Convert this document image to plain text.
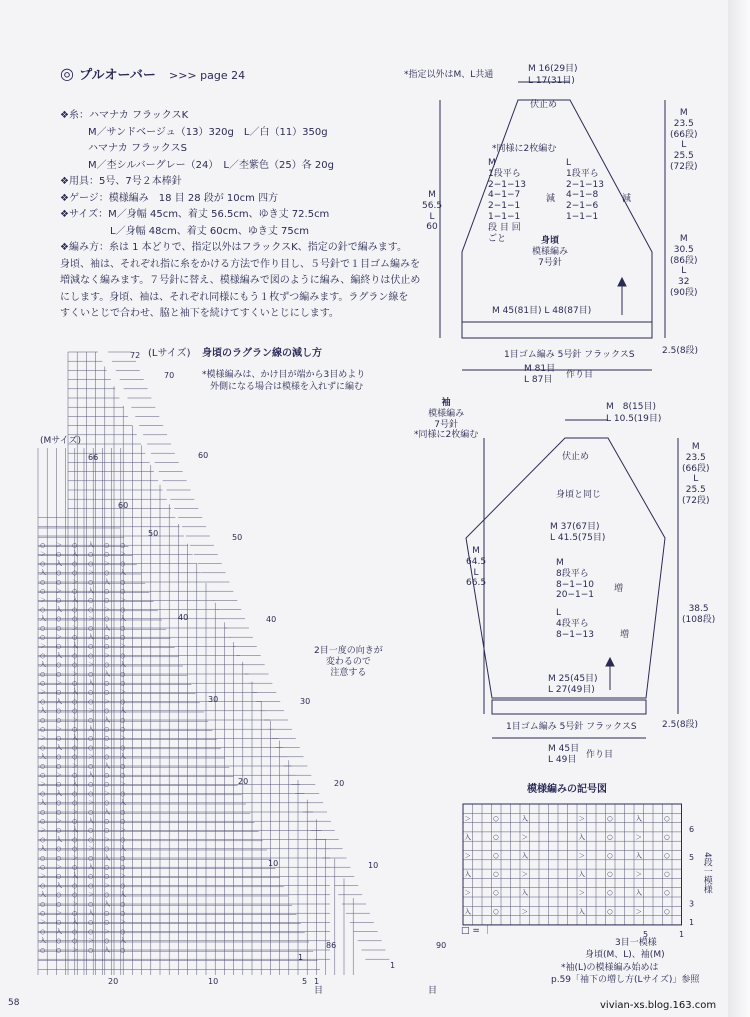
◎ プルオーバー >>> page 24
❖糸：ハマナカ フラックスK
M／サンドベージュ（13）320g　L／白（11）350g
ハマナカ フラックスS
M／杢シルバーグレー（24）　L／杢紫色（25）各 20g
❖用具：5号、7号２本棒針
❖ゲージ：模様編み　18 目 28 段が 10cm 四方
❖サイズ：M／身幅 45cm、着丈 56.5cm、ゆき丈 72.5cm
L／身幅 48cm、着丈 60cm、ゆき丈 75cm
❖編み方：糸は 1 本どりで、指定以外はフラックスK、指定の針で編みます。
身頃、袖は、それぞれ指に糸をかける方法で作り目し、５号針で１目ゴム編みを
増減なく編みます。７号針に替え、模様編みで図のように編み、編終りは伏止め
にします。身頃、袖は、それぞれ同様にもう１枚ずつ編みます。ラグラン線を
すくいとじで合わせ、脇と袖下を続けてすくいとじにします。
*指定以外はM、L共通
M 16(29目)
L 17(31目)
伏止め
M
1段平ら
2−1−13
4−1−7
2−1−1
1−1−1
段 目 回
ごと
減
L
1段平ら
2−1−13
4−1−8
2−1−6
1−1−1
減
身頃
模様編み
7号針
*同様に2枚編む
M
56.5
L
60
M
23.5
(66段)
L
25.5
(72段)
M
30.5
(86段)
L
32
(90段)
M 45(81目) L 48(87目)
1目ゴム編み 5号針 フラックスS	2.5(8段)
M 81目
L 87目	作り目
袖
模様編み
7号針
*同様に2枚編む
M　8(15目)
L 10.5(19目)
伏止め
身頃と同じ
M 37(67目)
L 41.5(75目)
M
8段平ら
8−1−10
20−1−1
増
L
4段平ら
8−1−13	増
M
64.5
L
66.5
M
23.5
(66段)
L
25.5
(72段)
38.5
(108段)
M 25(45目)
L 27(49目)
1目ゴム編み 5号針 フラックスS	2.5(8段)
M 45目
L 49目	作り目
○ ＞ ○ 入 ○ ○
＞ ○ 入 ○ ○ ＞
○ 入 ○ ○ ＞ ○
入 ○ ○ ＞ ○ 入
○ ○ ＞ ○ 入 ○
○ ＞ ○ 入 ○ ○
＞ ○ 入 ○ ○ ＞
○ 入 ○ ○ ＞ ○
入 ○ ○ ＞ ○ 入
○ ○ ＞ ○ 入 ○
○ ＞ ○ 入 ○ ○
＞ ○ 入 ○ ○ ＞
○ 入 ○ ○ ＞ ○
入 ○ ○ ＞ ○ 入
○ ○ ＞ ○ 入 ○
○ ＞ ○ 入 ○ ○
＞ ○ 入 ○ ○ ＞
○ 入 ○ ○ ＞ ○
入 ○ ○ ＞ ○ 入
○ ○ ＞ ○ 入 ○
○ ＞ ○ 入 ○ ○
＞ ○ 入 ○ ○ ＞
○ 入 ○ ○ ＞ ○
入 ○ ○ ＞ ○ 入
○ ○ ＞ ○ 入 ○
○ ＞ ○ 入 ○ ○
＞ ○ 入 ○ ○ ＞
○ 入 ○ ○ ＞ ○
入 ○ ○ ＞ ○ 入
○ ○ ＞ ○ 入 ○
○ ＞ ○ 入 ○ ○
＞ ○ 入 ○ ○ ＞
○ 入 ○ ○ ＞ ○
入 ○ ○ ＞ ○ 入
○ ○ ＞ ○ 入 ○
○ ＞ ○ 入 ○ ○
＞ ○ 入 ○ ○ ＞
○ 入 ○ ○ ＞ ○
入 ○ ○ ＞ ○ 入
○ ○ ＞ ○ 入 ○
○ ＞ ○ 入 ○ ○
＞ ○ 入 ○ ○ ＞
○ 入 ○ ○ ＞ ○
入 ○ ○ ＞ ○ 入
○ ○ ＞ ○ 入 ○
72
70
60
50
40
30
20
10
1
66
60
50
40
30
20
10
1
86	90
20	10	5 1
(Lサイズ) 身頃のラグラン線の減し方
*模様編みは、かけ目が端から3目めより
外側になる場合は模様を入れずに編む
(Mサイズ)
2目一度の向きが
変わるので
注意する
目	目
模様編みの記号図
＞	○	入	＞	○	入	○
入	○	＞	入	○	＞	○
＞	○	入	＞	○	入	○
入	○	＞	入	○	＞	○
＞	○	入	＞	○	入	○
入	○	＞	入	○	＞	○
6
5
3
1
5	1
□ = ｜
4段一模様
3目一模様
身頃(M、L)、袖(M)
*袖(L)の模様編み始めは
p.59「袖下の増し方(Lサイズ)」参照
58	vivian-xs.blog.163.com
